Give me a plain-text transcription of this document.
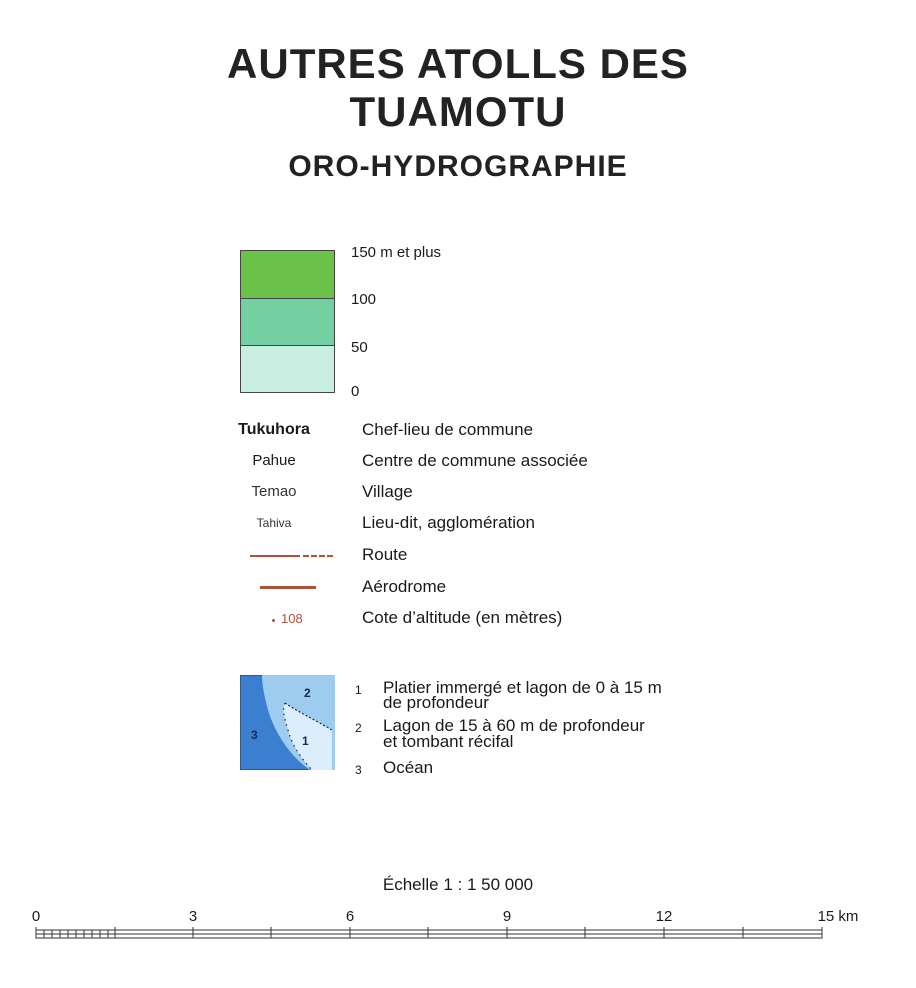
AUTRES ATOLLS DES
TUAMOTU
ORO-HYDROGRAPHIE
150 m et plus
100
50
0
Tukuhora	Chef-lieu de commune
Pahue	Centre de commune associée
Temao	Village
Tahiva	Lieu-dit, agglomération
Route
Aérodrome
108	Cote d’altitude (en mètres)
2
1
3
1 Platier immergé et lagon de 0 à 15 m
de profondeur
2 Lagon de 15 à 60 m de profondeur
et tombant récifal
3 Océan
Échelle 1 : 1 50 000
0	3	6	9	12	15 km
